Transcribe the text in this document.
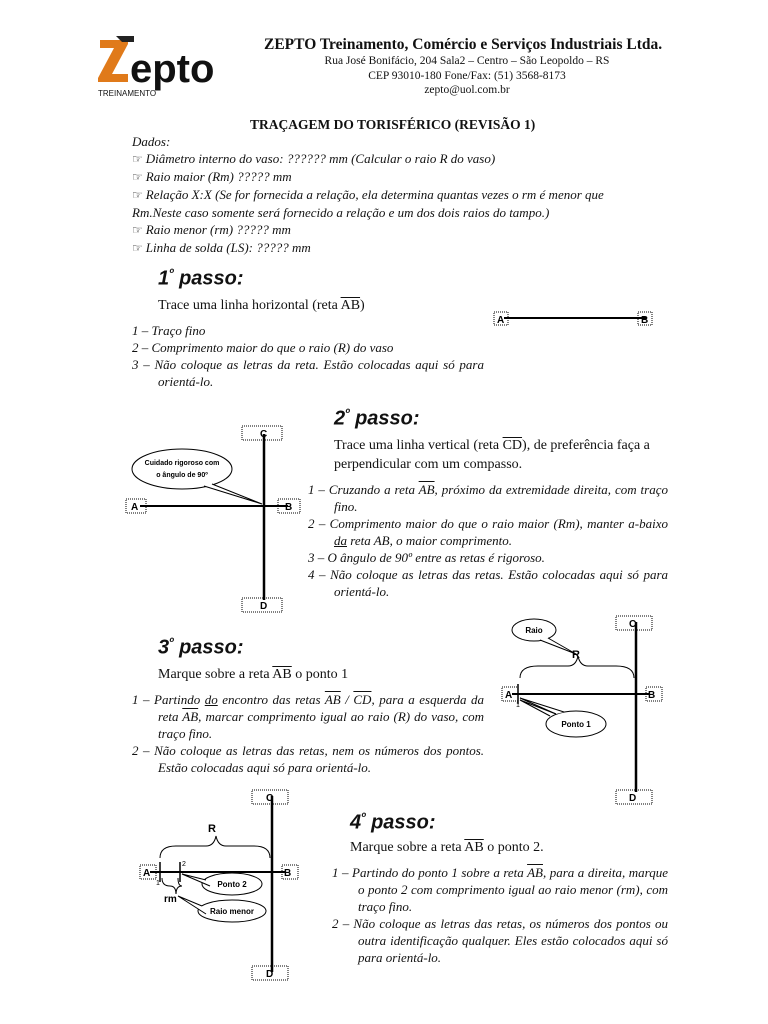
epto
TREINAMENTO
ZEPTO Treinamento, Comércio e Serviços Industriais Ltda.
Rua José Bonifácio, 204 Sala2 – Centro – São Leopoldo – RS
CEP 93010-180 Fone/Fax: (51) 3568-8173
zepto@uol.com.br
TRAÇAGEM DO TORISFÉRICO (REVISÃO 1)
Dados:
☞ Diâmetro interno do vaso: ?????? mm (Calcular o raio R do vaso)
☞ Raio maior (Rm) ????? mm
☞ Relação X:X (Se for fornecida a relação, ela determina quantas vezes o rm é menor que
Rm.Neste caso somente será fornecido a relação e um dos dois raios do tampo.)
☞ Raio menor (rm) ????? mm
☞ Linha de solda (LS): ????? mm
$1^º$ passo:
Trace uma linha horizontal (reta $\overline{AB}$)
1 – Traço fino
2 – Comprimento maior do que o raio (R) do vaso
3 – Não coloque as letras da reta. Estão colocadas aqui só para orientá-lo.
A	B
$2^º$ passo:
Trace uma linha vertical (reta $\overline{CD}$), de preferência faça a perpendicular com um compasso.
1 – Cruzando a reta $\overline{AB}$, próximo da extremidade direita, com traço fino.
2 – Comprimento maior do que o raio maior (Rm), manter a-baixo da reta AB, o maior comprimento.
3 – O ângulo de 90º entre as retas é rigoroso.
4 – Não coloque as letras das retas. Estão colocadas aqui só para orientá-lo.
C
D
A	B
Cuidado rigoroso com
o ângulo de 90º
$3^º$ passo:
Marque sobre a reta $\overline{AB}$ o ponto 1
1 – Partindo do encontro das retas $\overline{AB} / \overline{CD}$, para a esquerda da reta $\overline{AB}$, marcar comprimento igual ao raio (R) do vaso, com traço fino.
2 – Não coloque as letras das retas, nem os números dos pontos. Estão colocadas aqui só para orientá-lo.
C
D
A	B
1
R
Raio
Ponto 1
$4^º$ passo:
Marque sobre a reta $\overline{AB}$ o ponto 2.
1 – Partindo do ponto 1 sobre a reta $\overline{AB}$, para a direita, marque o ponto 2 com comprimento igual ao raio menor (rm), com traço fino.
2 – Não coloque as letras das retas, os números dos pontos ou outra identificação qualquer. Eles estão colocados aqui só para orientá-lo.
C
D
A	B
1
2
R
rm
Ponto 2
Raio menor
